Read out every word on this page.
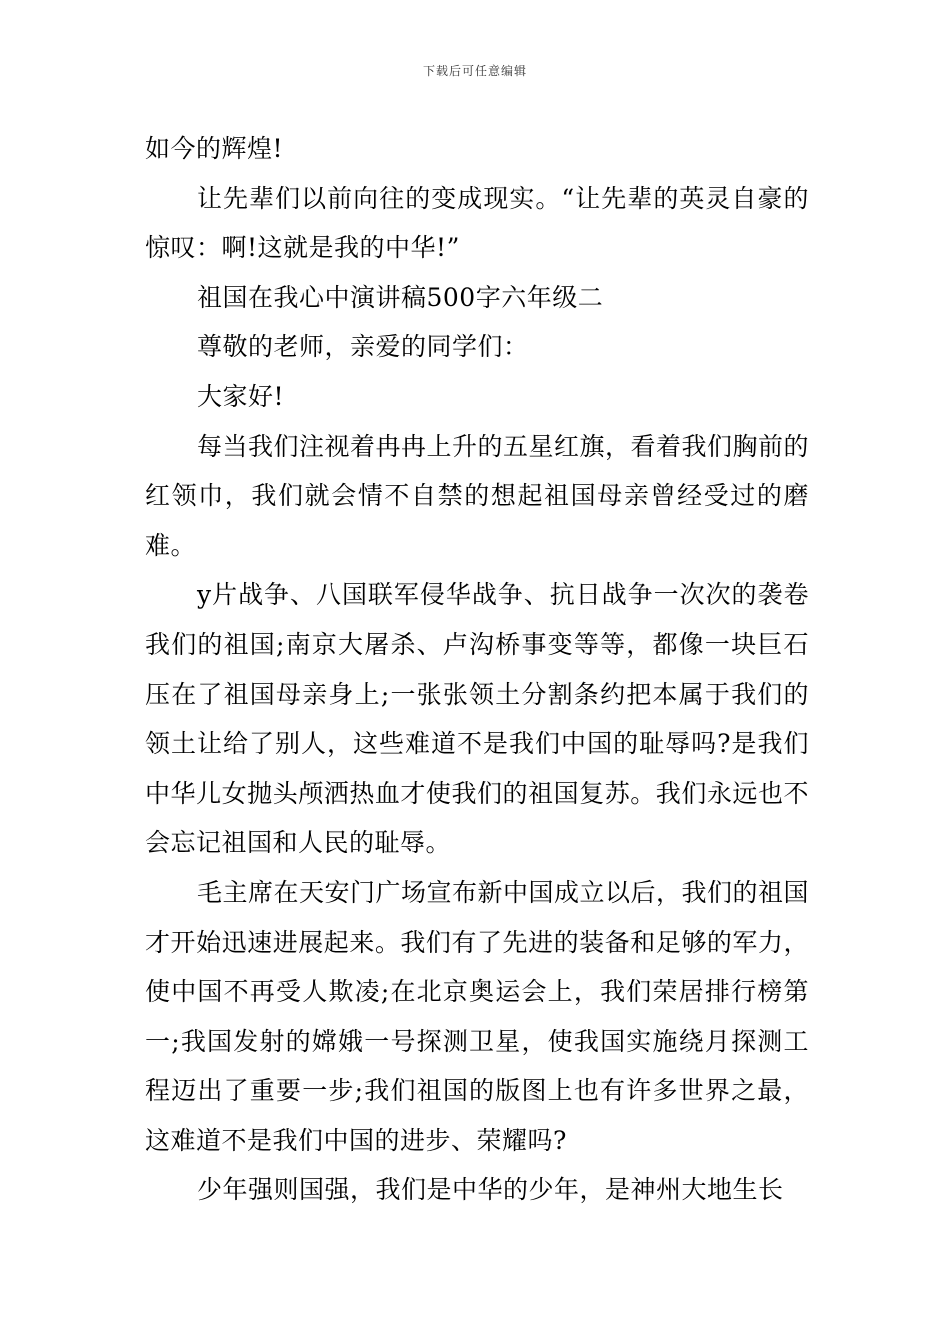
下载后可任意编辑

如今的辉煌!

让先辈们以前向往的变成现实。“让先辈的英灵自豪的惊叹：啊!这就是我的中华!”

祖国在我心中演讲稿500字六年级二

尊敬的老师，亲爱的同学们：

大家好!

每当我们注视着冉冉上升的五星红旗，看着我们胸前的红领巾，我们就会情不自禁的想起祖国母亲曾经受过的磨难。

y片战争、八国联军侵华战争、抗日战争一次次的袭卷我们的祖国;南京大屠杀、卢沟桥事变等等，都像一块巨石压在了祖国母亲身上;一张张领土分割条约把本属于我们的领土让给了别人，这些难道不是我们中国的耻辱吗?是我们中华儿女抛头颅洒热血才使我们的祖国复苏。我们永远也不会忘记祖国和人民的耻辱。

毛主席在天安门广场宣布新中国成立以后，我们的祖国才开始迅速进展起来。我们有了先进的装备和足够的军力，使中国不再受人欺凌;在北京奥运会上，我们荣居排行榜第一;我国发射的嫦娥一号探测卫星，使我国实施绕月探测工程迈出了重要一步;我们祖国的版图上也有许多世界之最，这难道不是我们中国的进步、荣耀吗?

少年强则国强，我们是中华的少年，是神州大地生长
